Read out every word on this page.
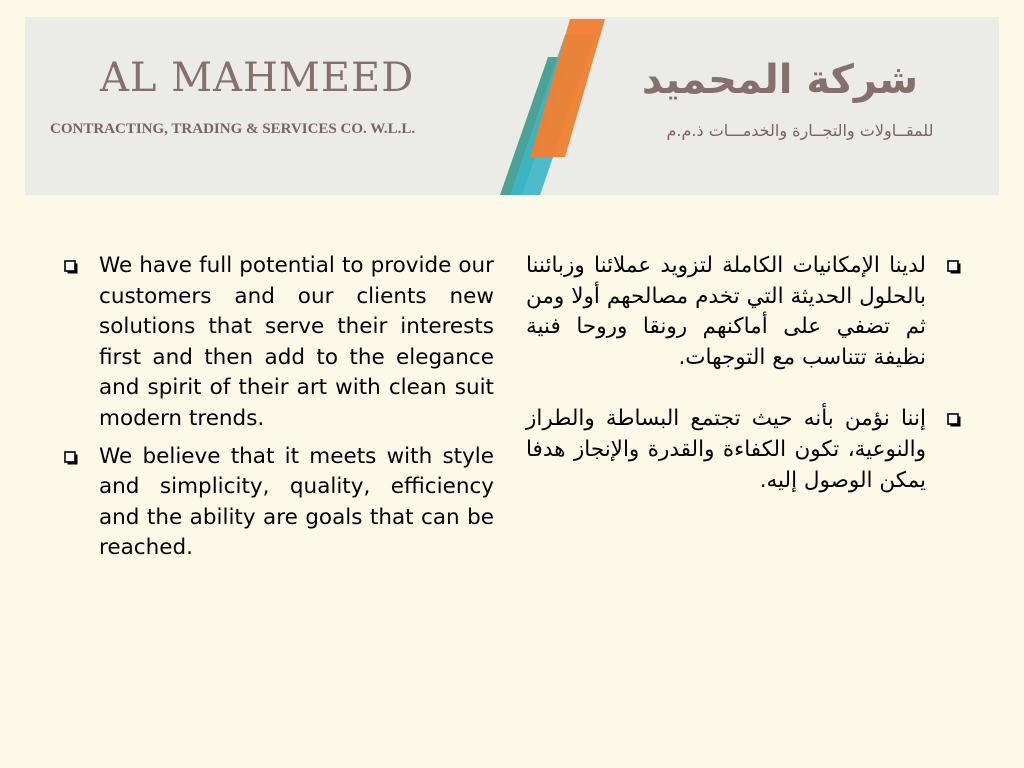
AL MAHMEED
CONTRACTING, TRADING & SERVICES CO. W.L.L.
شركة المحميد
للمقــاولات والتجــارة والخدمـــات ذ.م.م
We have full potential to provide our customers and our clients new solutions that serve their interests first and then add to the elegance and spirit of their art with clean suit modern trends.
We believe that it meets with style and simplicity, quality, efficiency and the ability are goals that can be reached.
لدينا الإمكانيات الكاملة لتزويد عملائنا وزبائننا بالحلول الحديثة التي تخدم مصالحهم أولا ومن ثم تضفي على أماكنهم رونقا وروحا فنية نظيفة تتناسب مع التوجهات.
إننا نؤمن بأنه حيث تجتمع البساطة والطراز والنوعية، تكون الكفاءة والقدرة والإنجاز هدفا يمكن الوصول إليه.
